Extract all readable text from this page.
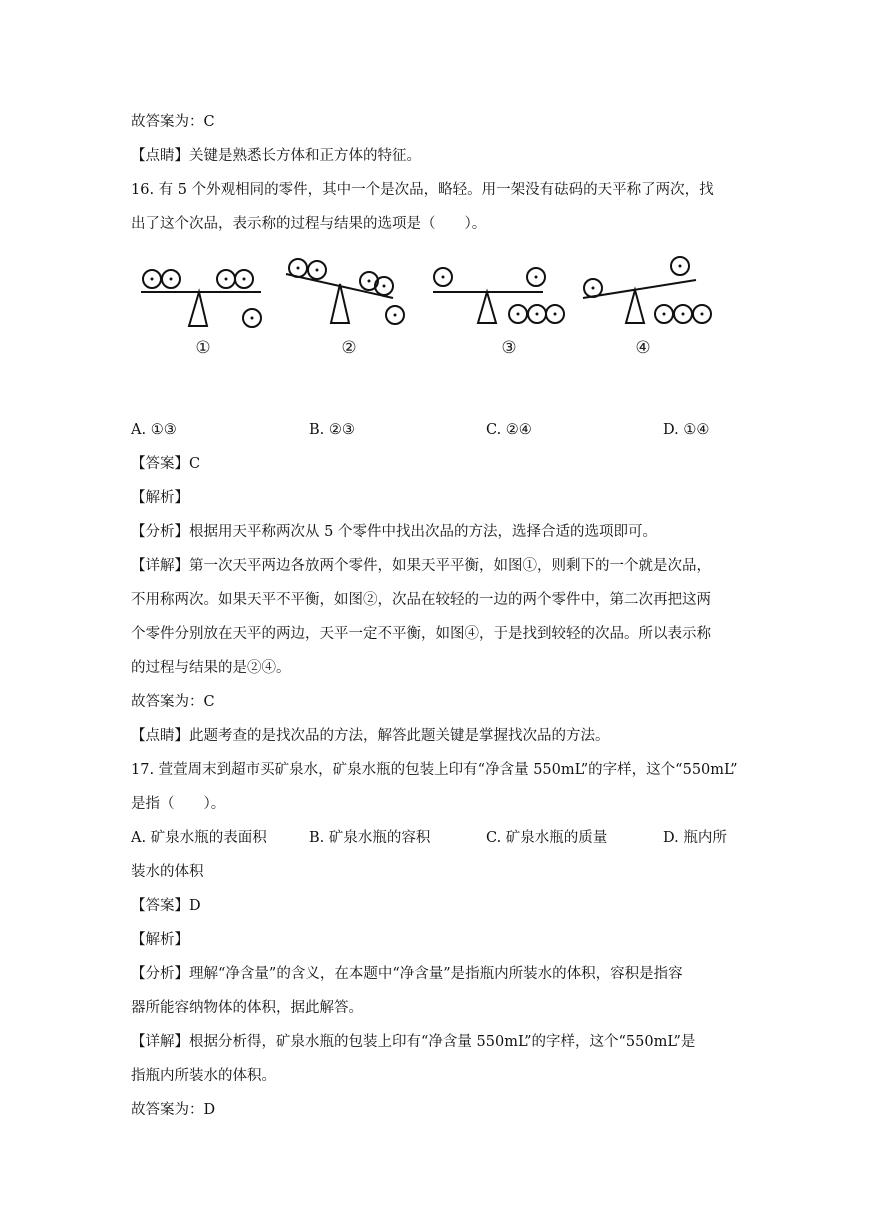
故答案为：C
【点睛】关键是熟悉长方体和正方体的特征。
16. 有 5 个外观相同的零件，其中一个是次品，略轻。用一架没有砝码的天平称了两次，找
出了这个次品，表示称的过程与结果的选项是（　　）。
①	②	③	④
A. ①③	B. ②③	C. ②④	D. ①④
【答案】C
【解析】
【分析】根据用天平称两次从 5 个零件中找出次品的方法，选择合适的选项即可。
【详解】第一次天平两边各放两个零件，如果天平平衡，如图①，则剩下的一个就是次品，
不用称两次。如果天平不平衡，如图②，次品在较轻的一边的两个零件中，第二次再把这两
个零件分别放在天平的两边，天平一定不平衡，如图④，于是找到较轻的次品。所以表示称
的过程与结果的是②④。
故答案为：C
【点睛】此题考查的是找次品的方法，解答此题关键是掌握找次品的方法。
17. 萱萱周末到超市买矿泉水，矿泉水瓶的包装上印有“净含量 550mL”的字样，这个“550mL”
是指（　　）。
A. 矿泉水瓶的表面积	B. 矿泉水瓶的容积	C. 矿泉水瓶的质量	D. 瓶内所
装水的体积
【答案】D
【解析】
【分析】理解“净含量”的含义，在本题中“净含量”是指瓶内所装水的体积，容积是指容
器所能容纳物体的体积，据此解答。
【详解】根据分析得，矿泉水瓶的包装上印有“净含量 550mL”的字样，这个“550mL”是
指瓶内所装水的体积。
故答案为：D
